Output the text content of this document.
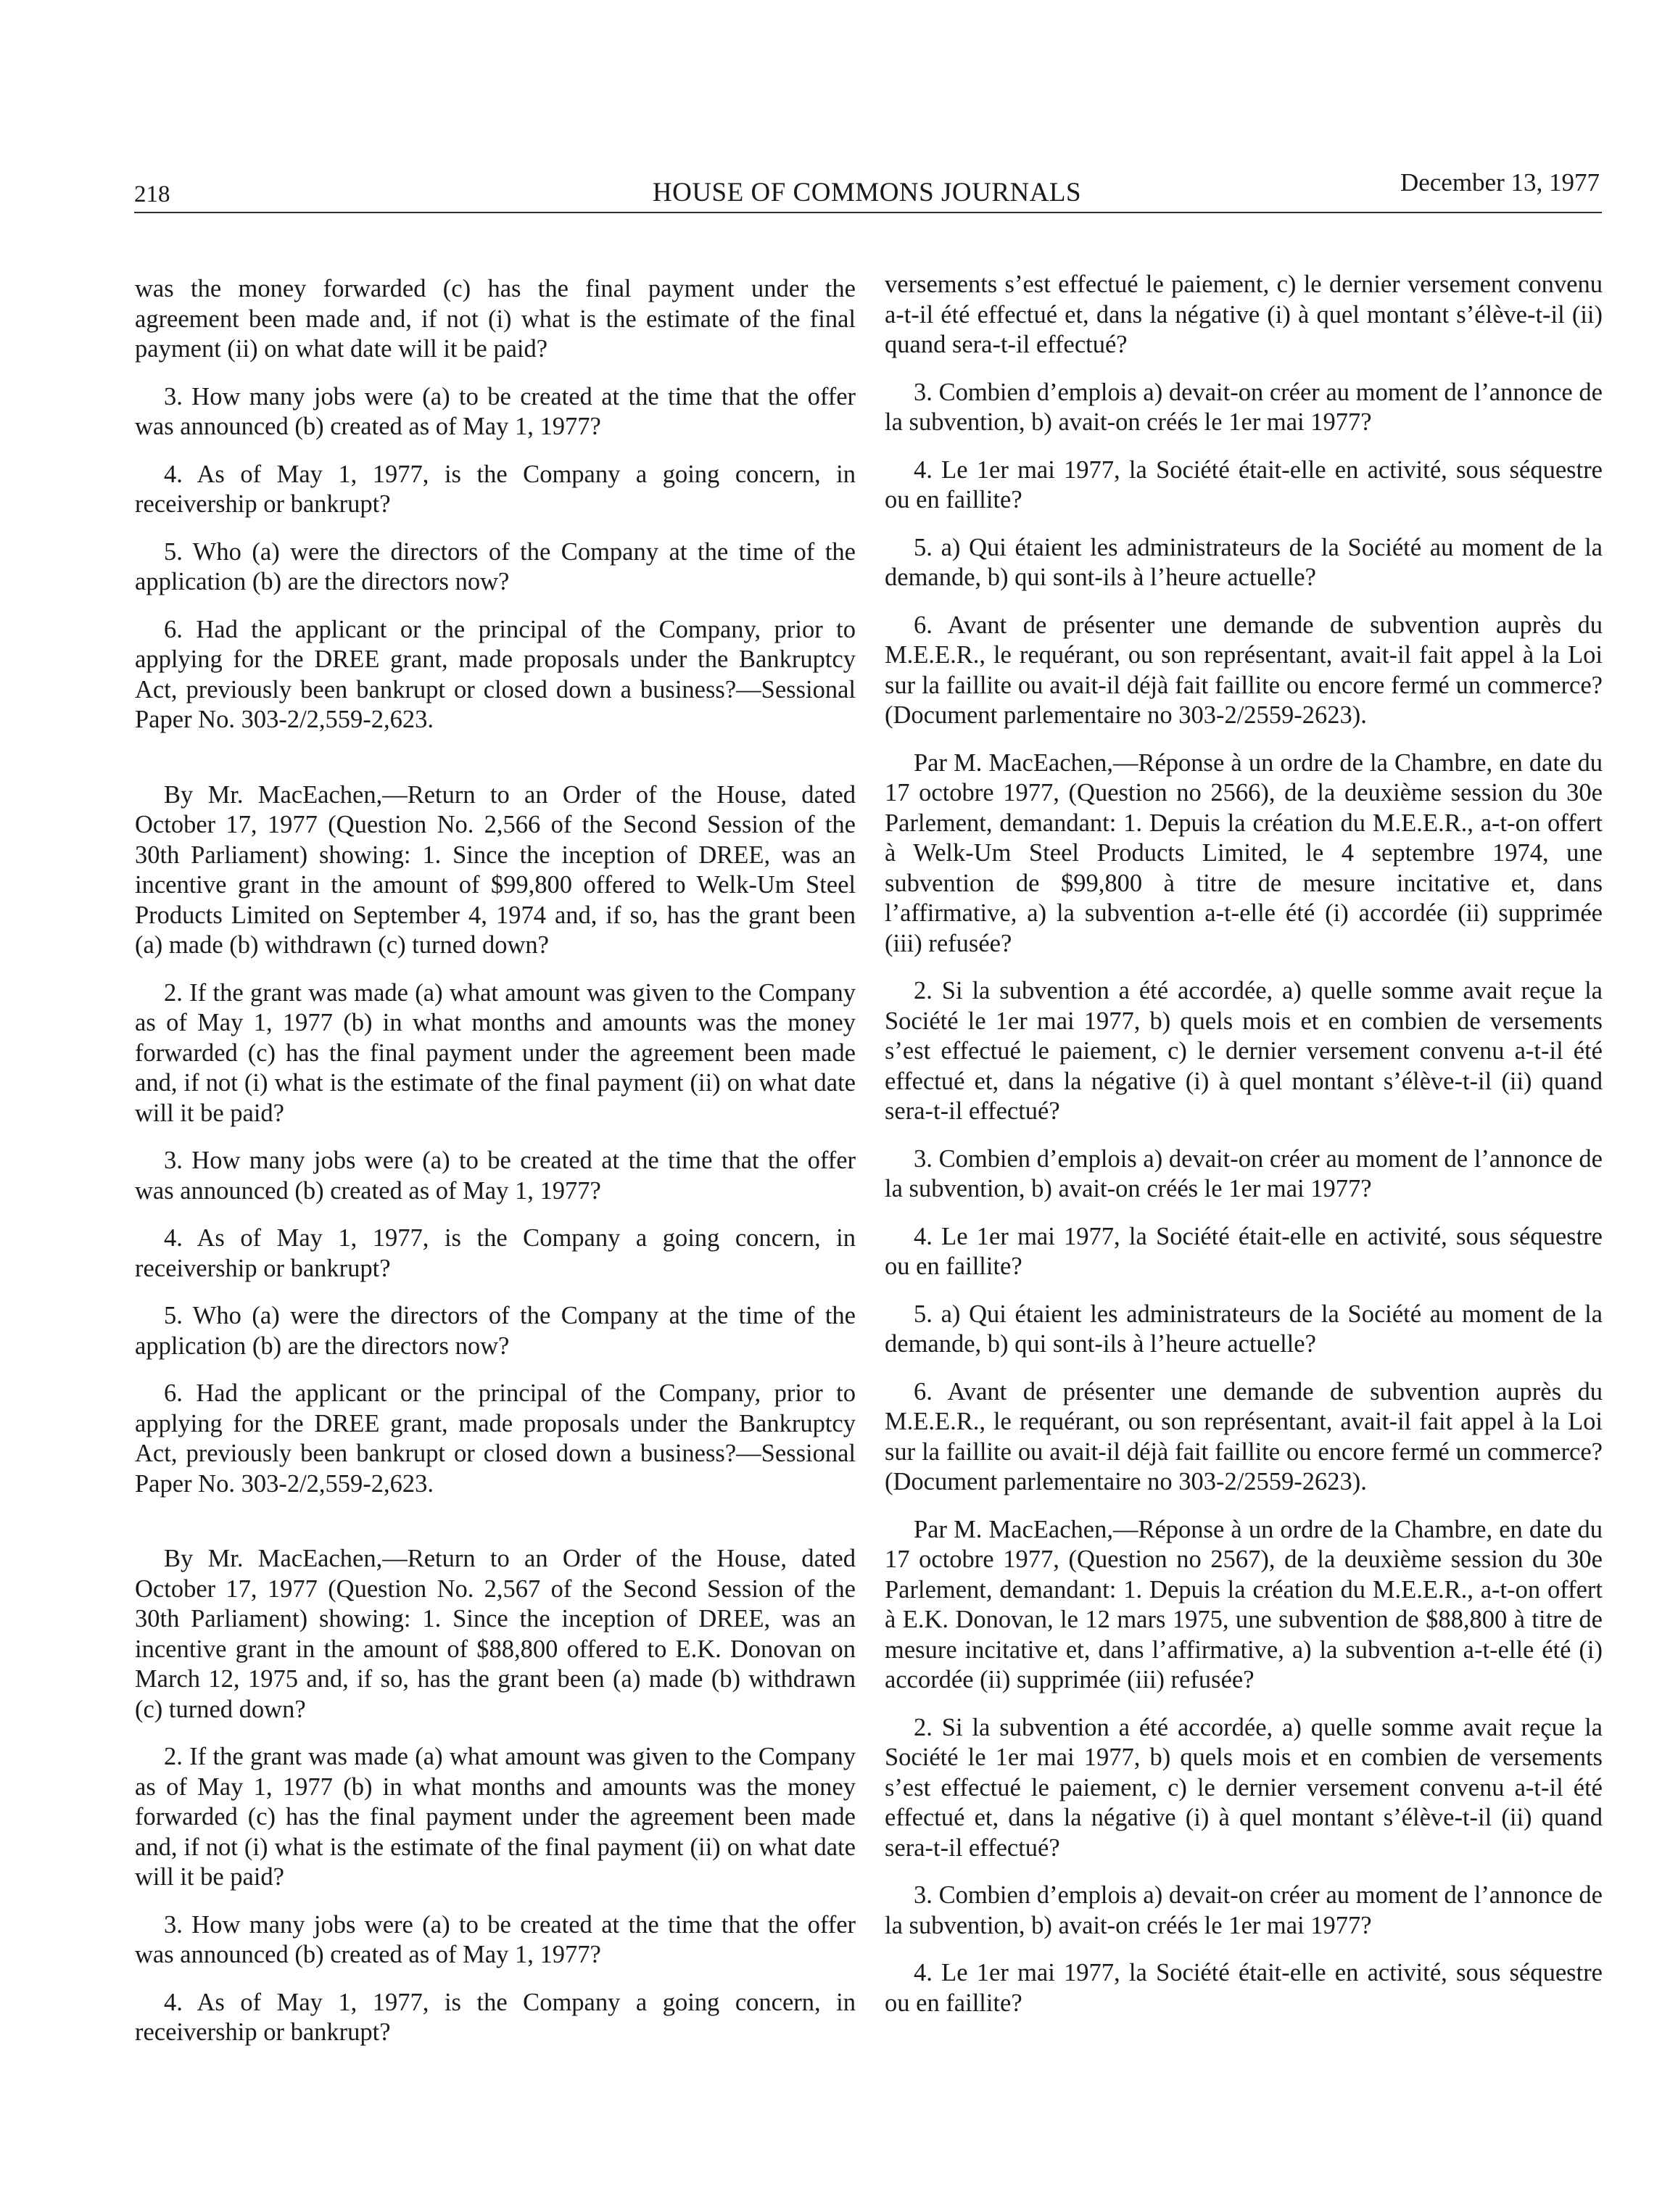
218	HOUSE OF COMMONS JOURNALS	December 13, 1977

was the money forwarded (c) has the final payment under the agreement been made and, if not (i) what is the estimate of the final payment (ii) on what date will it be paid?

3. How many jobs were (a) to be created at the time that the offer was announced (b) created as of May 1, 1977?

4. As of May 1, 1977, is the Company a going concern, in receivership or bankrupt?

5. Who (a) were the directors of the Company at the time of the application (b) are the directors now?

6. Had the applicant or the principal of the Company, prior to applying for the DREE grant, made proposals under the Bankruptcy Act, previously been bankrupt or closed down a business?—Sessional Paper No. 303-2/2,559-2,623.

By Mr. MacEachen,—Return to an Order of the House, dated October 17, 1977 (Question No. 2,566 of the Second Session of the 30th Parliament) showing: 1. Since the inception of DREE, was an incentive grant in the amount of $99,800 offered to Welk-Um Steel Products Limited on September 4, 1974 and, if so, has the grant been (a) made (b) withdrawn (c) turned down?

2. If the grant was made (a) what amount was given to the Company as of May 1, 1977 (b) in what months and amounts was the money forwarded (c) has the final payment under the agreement been made and, if not (i) what is the estimate of the final payment (ii) on what date will it be paid?

3. How many jobs were (a) to be created at the time that the offer was announced (b) created as of May 1, 1977?

4. As of May 1, 1977, is the Company a going concern, in receivership or bankrupt?

5. Who (a) were the directors of the Company at the time of the application (b) are the directors now?

6. Had the applicant or the principal of the Company, prior to applying for the DREE grant, made proposals under the Bankruptcy Act, previously been bankrupt or closed down a business?—Sessional Paper No. 303-2/2,559-2,623.

By Mr. MacEachen,—Return to an Order of the House, dated October 17, 1977 (Question No. 2,567 of the Second Session of the 30th Parliament) showing: 1. Since the inception of DREE, was an incentive grant in the amount of $88,800 offered to E.K. Donovan on March 12, 1975 and, if so, has the grant been (a) made (b) withdrawn (c) turned down?

2. If the grant was made (a) what amount was given to the Company as of May 1, 1977 (b) in what months and amounts was the money forwarded (c) has the final payment under the agreement been made and, if not (i) what is the estimate of the final payment (ii) on what date will it be paid?

3. How many jobs were (a) to be created at the time that the offer was announced (b) created as of May 1, 1977?

4. As of May 1, 1977, is the Company a going concern, in receivership or bankrupt?

versements s’est effectué le paiement, c) le dernier versement convenu a-t-il été effectué et, dans la négative (i) à quel montant s’élève-t-il (ii) quand sera-t-il effectué?

3. Combien d’emplois a) devait-on créer au moment de l’annonce de la subvention, b) avait-on créés le 1er mai 1977?

4. Le 1er mai 1977, la Société était-elle en activité, sous séquestre ou en faillite?

5. a) Qui étaient les administrateurs de la Société au moment de la demande, b) qui sont-ils à l’heure actuelle?

6. Avant de présenter une demande de subvention auprès du M.E.E.R., le requérant, ou son représentant, avait-il fait appel à la Loi sur la faillite ou avait-il déjà fait faillite ou encore fermé un commerce? (Document parlementaire no 303-2/2559-2623).

Par M. MacEachen,—Réponse à un ordre de la Chambre, en date du 17 octobre 1977, (Question no 2566), de la deuxième session du 30e Parlement, demandant: 1. Depuis la création du M.E.E.R., a-t-on offert à Welk-Um Steel Products Limited, le 4 septembre 1974, une subvention de $99,800 à titre de mesure incitative et, dans l’affirmative, a) la subvention a-t-elle été (i) accordée (ii) supprimée (iii) refusée?

2. Si la subvention a été accordée, a) quelle somme avait reçue la Société le 1er mai 1977, b) quels mois et en combien de versements s’est effectué le paiement, c) le dernier versement convenu a-t-il été effectué et, dans la négative (i) à quel montant s’élève-t-il (ii) quand sera-t-il effectué?

3. Combien d’emplois a) devait-on créer au moment de l’annonce de la subvention, b) avait-on créés le 1er mai 1977?

4. Le 1er mai 1977, la Société était-elle en activité, sous séquestre ou en faillite?

5. a) Qui étaient les administrateurs de la Société au moment de la demande, b) qui sont-ils à l’heure actuelle?

6. Avant de présenter une demande de subvention auprès du M.E.E.R., le requérant, ou son représentant, avait-il fait appel à la Loi sur la faillite ou avait-il déjà fait faillite ou encore fermé un commerce? (Document parlementaire no 303-2/2559-2623).

Par M. MacEachen,—Réponse à un ordre de la Chambre, en date du 17 octobre 1977, (Question no 2567), de la deuxième session du 30e Parlement, demandant: 1. Depuis la création du M.E.E.R., a-t-on offert à E.K. Donovan, le 12 mars 1975, une subvention de $88,800 à titre de mesure incitative et, dans l’affirmative, a) la subvention a-t-elle été (i) accordée (ii) supprimée (iii) refusée?

2. Si la subvention a été accordée, a) quelle somme avait reçue la Société le 1er mai 1977, b) quels mois et en combien de versements s’est effectué le paiement, c) le dernier versement convenu a-t-il été effectué et, dans la négative (i) à quel montant s’élève-t-il (ii) quand sera-t-il effectué?

3. Combien d’emplois a) devait-on créer au moment de l’annonce de la subvention, b) avait-on créés le 1er mai 1977?

4. Le 1er mai 1977, la Société était-elle en activité, sous séquestre ou en faillite?
